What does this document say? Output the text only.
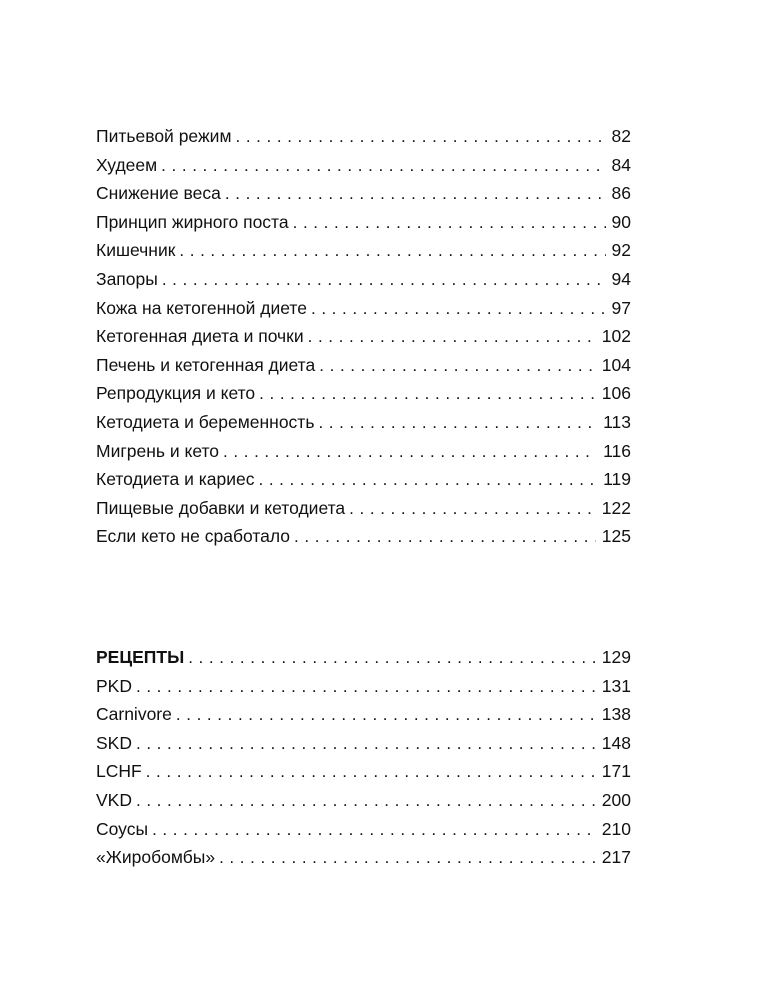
Питьевой режим . . .	82
Худеем . . .	84
Снижение веса . . .	86
Принцип жирного поста . . .	90
Кишечник . . .	92
Запоры . . .	94
Кожа на кетогенной диете . . .	97
Кетогенная диета и почки . . .	102
Печень и кетогенная диета . . .	104
Репродукция и кето . . .	106
Кетодиета и беременность . . .	113
Мигрень и кето . . .	116
Кетодиета и кариес . . .	119
Пищевые добавки и кетодиета . . .	122
Если кето не сработало . . .	125
РЕЦЕПТЫ . . .	129
PKD . . .	131
Carnivore . . .	138
SKD . . .	148
LCHF . . .	171
VKD . . .	200
Соусы . . .	210
«Жиробомбы» . . .	217
